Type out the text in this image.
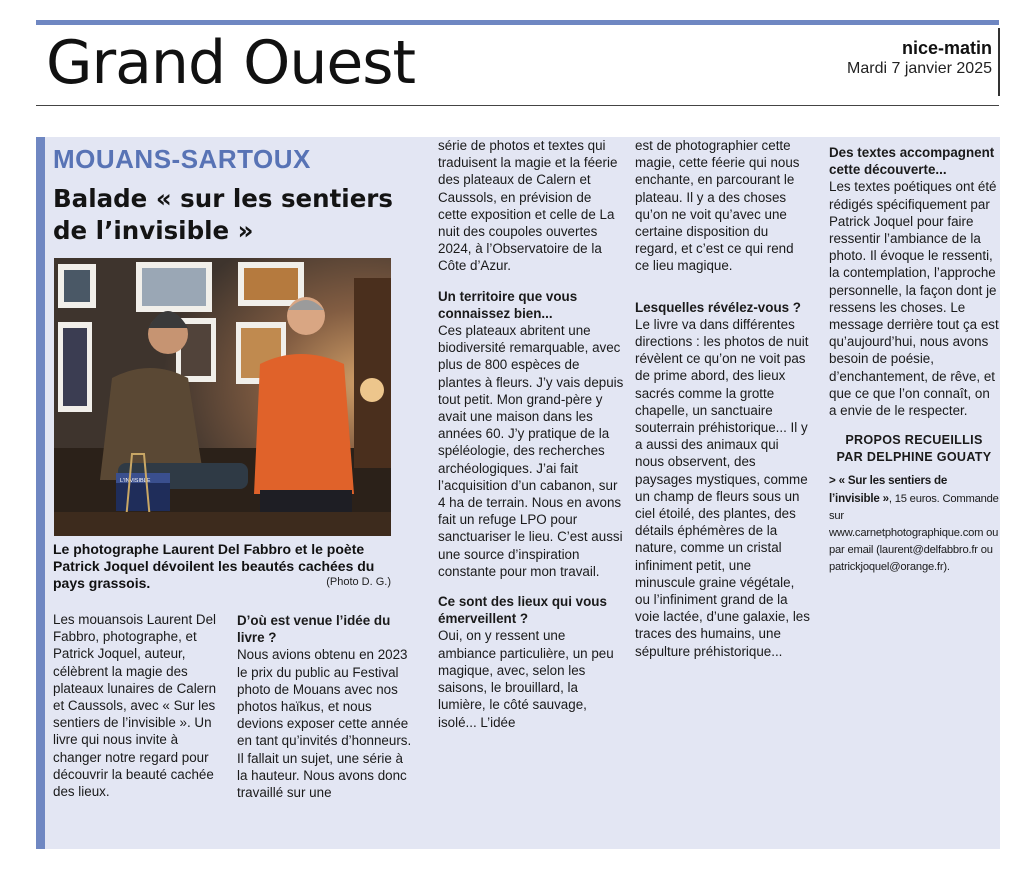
Grand Ouest	nice-matin
Mardi 7 janvier 2025
MOUANS-SARTOUX
Balade « sur les sentiers de l’invisible »
L'INVISIBLE
Le photographe Laurent Del Fabbro et le poète Patrick Joquel dévoilent les beautés cachées du pays grassois.	(Photo D. G.)

Les mouansois Laurent Del Fabbro, photographe, et Patrick Joquel, auteur, célèbrent la magie des plateaux lunaires de Calern et Caussols, avec « Sur les sentiers de l’invisible ». Un livre qui nous invite à changer notre regard pour découvrir la beauté cachée des lieux.

D’où est venue l’idée du livre ?

Nous avions obtenu en 2023 le prix du public au Festival photo de Mouans avec nos photos haïkus, et nous devions exposer cette année en tant qu’invités d’honneurs. Il fallait un sujet, une série à la hauteur. Nous avons donc travaillé sur une

série de photos et textes qui traduisent la magie et la féerie des plateaux de Calern et Caussols, en prévision de cette exposition et celle de La nuit des coupoles ouvertes 2024, à l’Observatoire de la Côte d’Azur.

Un territoire que vous connaissez bien...

Ces plateaux abritent une biodiversité remarquable, avec plus de 800 espèces de plantes à fleurs. J’y vais depuis tout petit. Mon grand-père y avait une maison dans les années 60. J’y pratique de la spéléologie, des recherches archéologiques. J’ai fait l’acquisition d’un cabanon, sur 4 ha de terrain. Nous en avons fait un refuge LPO pour sanctuariser le lieu. C’est aussi une source d’inspiration constante pour mon travail.

Ce sont des lieux qui vous émerveillent ?

Oui, on y ressent une ambiance particulière, un peu magique, avec, selon les saisons, le brouillard, la lumière, le côté sauvage, isolé... L’idée

est de photographier cette magie, cette féerie qui nous enchante, en parcourant le plateau. Il y a des choses qu’on ne voit qu’avec une certaine disposition du regard, et c’est ce qui rend ce lieu magique.

Lesquelles révélez-vous ?

Le livre va dans différentes directions : les photos de nuit révèlent ce qu’on ne voit pas de prime abord, des lieux sacrés comme la grotte chapelle, un sanctuaire souterrain préhistorique... Il y a aussi des animaux qui nous observent, des paysages mystiques, comme un champ de fleurs sous un ciel étoilé, des plantes, des détails éphémères de la nature, comme un cristal infiniment petit, une minuscule graine végétale, ou l’infiniment grand de la voie lactée, d’une galaxie, les traces des humains, une sépulture préhistorique...

Des textes accompagnent cette découverte...

Les textes poétiques ont été rédigés spécifiquement par Patrick Joquel pour faire ressentir l’ambiance de la photo. Il évoque le ressenti, la contemplation, l’approche personnelle, la façon dont je ressens les choses. Le message derrière tout ça est qu’aujourd’hui, nous avons besoin de poésie, d’enchantement, de rêve, et que ce que l’on connaît, on a envie de le respecter.

PROPOS RECUEILLIS
PAR DELPHINE GOUATY
> « Sur les sentiers de l’invisible », 15 euros. Commande sur www.carnetphotographique.com ou par email (laurent@delfabbro.fr ou patrickjoquel@orange.fr).
